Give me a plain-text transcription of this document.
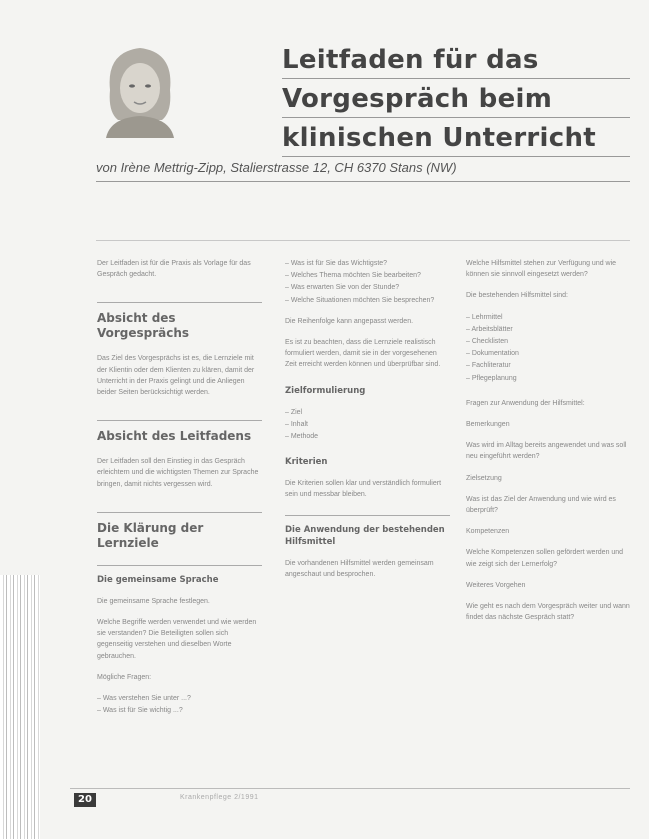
Leitfaden für das
Vorgespräch beim
klinischen Unterricht
von Irène Mettrig-Zipp, Stalierstrasse 12, CH 6370 Stans (NW)

Der Leitfaden ist für die Praxis als Vorlage für das Gespräch gedacht.

Absicht des Vorgesprächs

Das Ziel des Vorgesprächs ist es, die Lernziele mit der Klientin oder dem Klienten zu klären, damit der Unterricht in der Praxis gelingt und die Anliegen beider Seiten berücksichtigt werden.

Absicht des Leitfadens

Der Leitfaden soll den Einstieg in das Gespräch erleichtern und die wichtigsten Themen zur Sprache bringen, damit nichts vergessen wird.

Die Klärung der Lernziele
Die gemeinsame Sprache

Die gemeinsame Sprache festlegen.

Welche Begriffe werden verwendet und wie werden sie verstanden? Die Beteiligten sollen sich gegenseitig verstehen und dieselben Worte gebrauchen.

Mögliche Fragen:

– Was verstehen Sie unter ...?
– Was ist für Sie wichtig ...?
– Was ist für Sie das Wichtigste?
– Welches Thema möchten Sie bearbeiten?
– Was erwarten Sie von der Stunde?
– Welche Situationen möchten Sie besprechen?

Die Reihenfolge kann angepasst werden.

Es ist zu beachten, dass die Lernziele realistisch formuliert werden, damit sie in der vorgesehenen Zeit erreicht werden können und überprüfbar sind.

Zielformulierung
– Ziel
– Inhalt
– Methode
Kriterien

Die Kriterien sollen klar und verständlich formuliert sein und messbar bleiben.

Die Anwendung der bestehenden Hilfsmittel

Die vorhandenen Hilfsmittel werden gemeinsam angeschaut und besprochen.

Welche Hilfsmittel stehen zur Verfügung und wie können sie sinnvoll eingesetzt werden?

Die bestehenden Hilfsmittel sind:

– Lehrmittel
– Arbeitsblätter
– Checklisten
– Dokumentation
– Fachliteratur
– Pflegeplanung

Fragen zur Anwendung der Hilfsmittel:

Bemerkungen

Was wird im Alltag bereits angewendet und was soll neu eingeführt werden?

Zielsetzung

Was ist das Ziel der Anwendung und wie wird es überprüft?

Kompetenzen

Welche Kompetenzen sollen gefördert werden und wie zeigt sich der Lernerfolg?

Weiteres Vorgehen

Wie geht es nach dem Vorgespräch weiter und wann findet das nächste Gespräch statt?

20	Krankenpflege 2/1991
